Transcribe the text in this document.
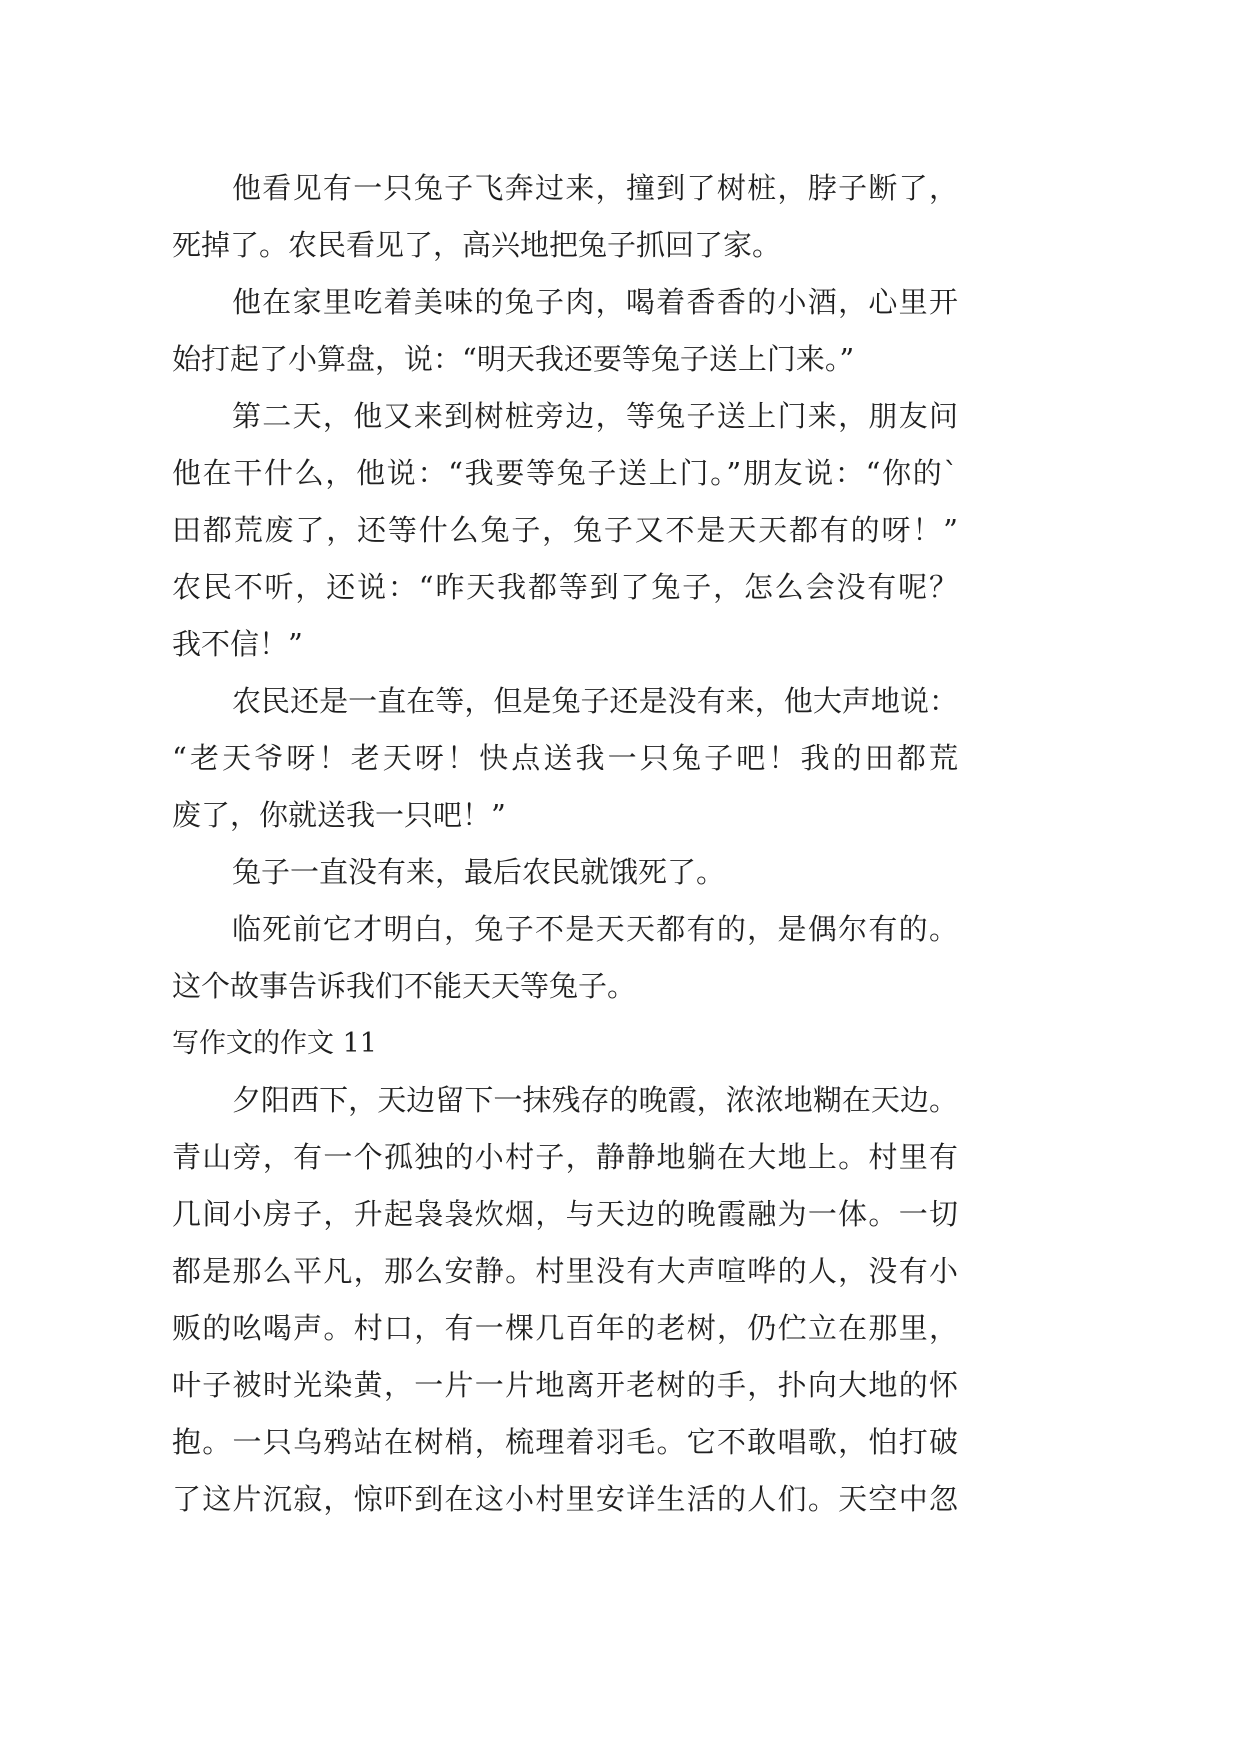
他看见有一只兔子飞奔过来，撞到了树桩，脖子断了，
死掉了。农民看见了，高兴地把兔子抓回了家。
他在家里吃着美味的兔子肉，喝着香香的小酒，心里开
始打起了小算盘，说：“明天我还要等兔子送上门来。”
第二天，他又来到树桩旁边，等兔子送上门来，朋友问
他在干什么，他说：“我要等兔子送上门。”朋友说：“你的`
田都荒废了，还等什么兔子，兔子又不是天天都有的呀！”
农民不听，还说：“昨天我都等到了兔子，怎么会没有呢？
我不信！”
农民还是一直在等，但是兔子还是没有来，他大声地说：
“老天爷呀！老天呀！快点送我一只兔子吧！我的田都荒
废了，你就送我一只吧！”
兔子一直没有来，最后农民就饿死了。
临死前它才明白，兔子不是天天都有的，是偶尔有的。
这个故事告诉我们不能天天等兔子。
写作文的作文 11
夕阳西下，天边留下一抹残存的晚霞，浓浓地糊在天边。
青山旁，有一个孤独的小村子，静静地躺在大地上。村里有
几间小房子，升起袅袅炊烟，与天边的晚霞融为一体。一切
都是那么平凡，那么安静。村里没有大声喧哗的人，没有小
贩的吆喝声。村口，有一棵几百年的老树，仍伫立在那里，
叶子被时光染黄，一片一片地离开老树的手，扑向大地的怀
抱。一只乌鸦站在树梢，梳理着羽毛。它不敢唱歌，怕打破
了这片沉寂，惊吓到在这小村里安详生活的人们。天空中忽
